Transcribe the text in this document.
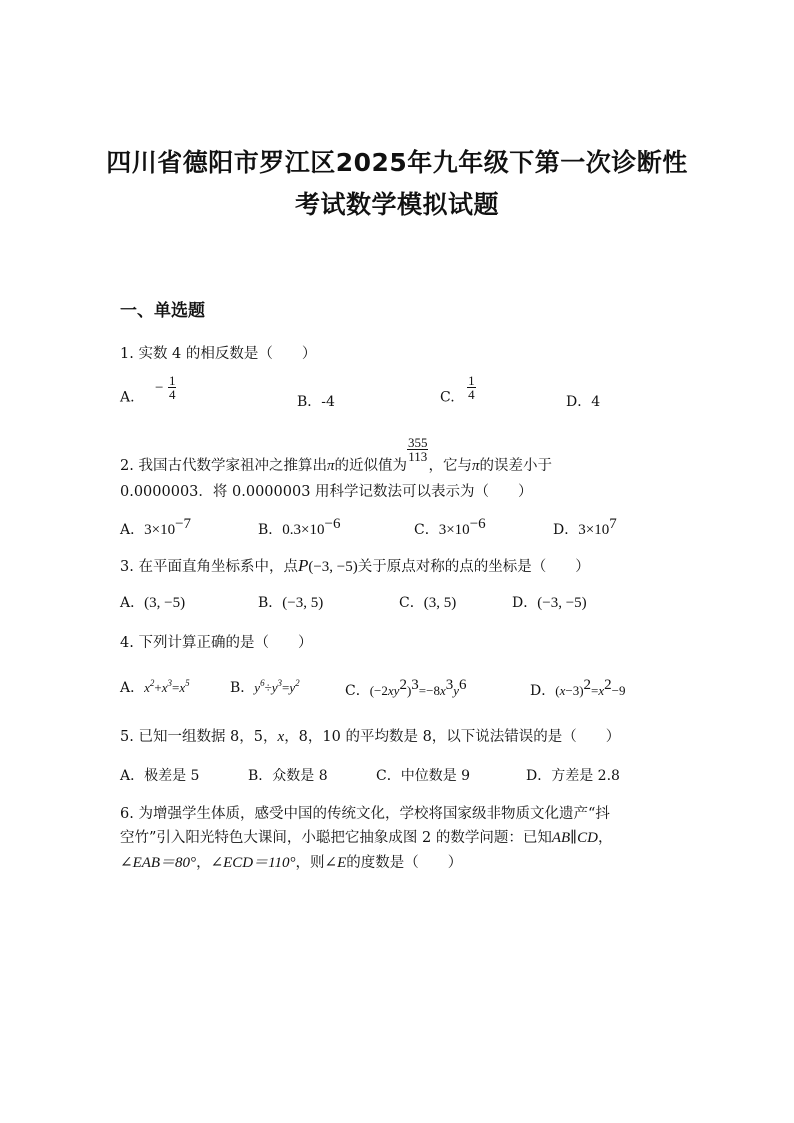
四川省德阳市罗江区2025年九年级下第一次诊断性
考试数学模拟试题
一、单选题
1. 实数 4 的相反数是（　　）
A. − $\frac{1}{4}$
B．-4	C. $\frac{1}{4}$
D．4
2. 我国古代数学家祖冲之推算出π的近似值为
$\frac{355}{113}$
，它与π的误差小于
0.0000003．将 0.0000003 用科学记数法可以表示为（　　）
A．$3\times 10^{-7}$	B．$0.3\times 10^{-6}$	C．$3\times 10^{-6}$	D．$3\times 10^7$
3. 在平面直角坐标系中，点P(−3, −5)关于原点对称的点的坐标是（　　）
A．(3, −5)	B．(−3, 5)	C．(3, 5)	D．(−3, −5)
4. 下列计算正确的是（　　）
A．$x^2+x^3=x^5$	B．$y^6\div y^3=y^2$	C．$(-2xy^2)^3=-8x^3y^6$	D．$(x-3)^2=x^2-9$
5. 已知一组数据 8，5，x，8，10 的平均数是 8，以下说法错误的是（　　）
A．极差是 5	B．众数是 8	C．中位数是 9	D．方差是 2.8
6. 为增强学生体质，感受中国的传统文化，学校将国家级非物质文化遗产“抖
空竹”引入阳光特色大课间，小聪把它抽象成图 2 的数学问题：已知AB∥CD，
∠EAB＝80°，∠ECD＝110°，则∠E的度数是（　　）
